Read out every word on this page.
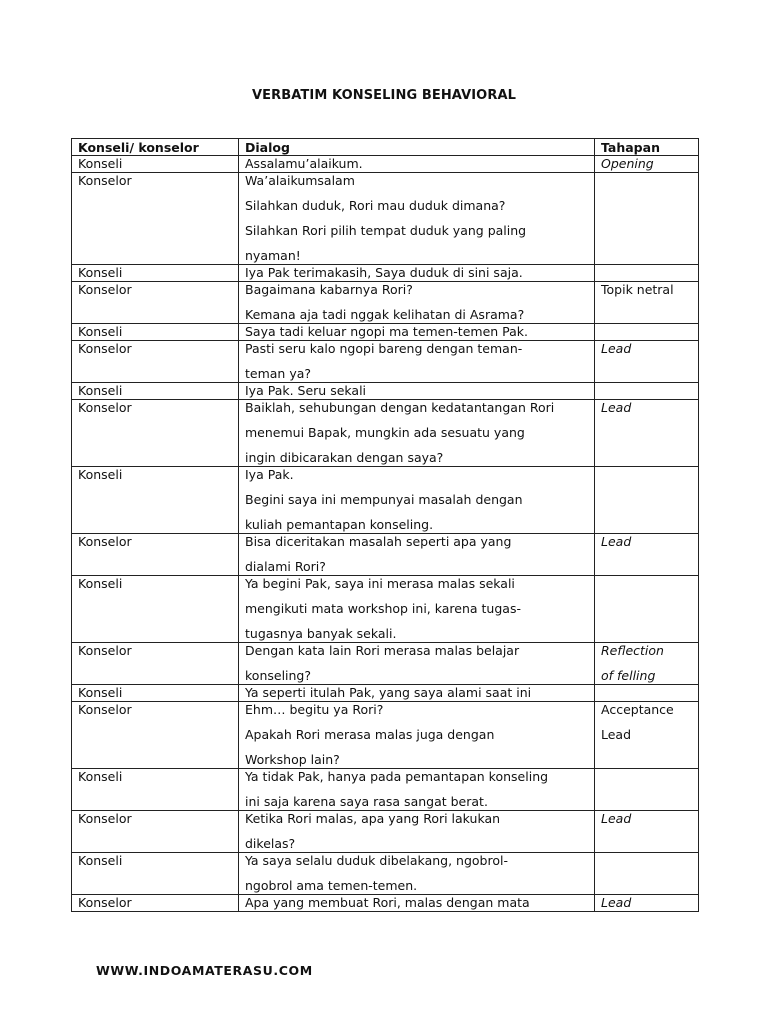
VERBATIM KONSELING BEHAVIORAL
Konseli/ konselor	Dialog	Tahapan
Konseli	Assalamu’alaikum.	Opening

Konselor	Wa’alaikumsalam
Silahkan duduk, Rori mau duduk dimana?
Silahkan Rori pilih tempat duduk yang paling
nyaman!	

Konseli	Iya Pak terimakasih, Saya duduk di sini saja.	

Konselor	Bagaimana kabarnya Rori?
Kemana aja tadi nggak kelihatan di Asrama?	Topik netral

Konseli	Saya tadi keluar ngopi ma temen-temen Pak.	

Konselor	Pasti seru kalo ngopi bareng dengan teman-
teman ya?	Lead

Konseli	Iya Pak. Seru sekali	

Konselor	Baiklah, sehubungan dengan kedatantangan Rori
menemui Bapak, mungkin ada sesuatu yang
ingin dibicarakan dengan saya?	Lead

Konseli	Iya Pak.
Begini saya ini mempunyai masalah dengan
kuliah pemantapan konseling.	

Konselor	Bisa diceritakan masalah seperti apa yang
dialami Rori?	Lead

Konseli	Ya begini Pak, saya ini merasa malas sekali
mengikuti mata workshop ini, karena tugas-
tugasnya banyak sekali.	

Konselor	Dengan kata lain Rori merasa malas belajar
konseling?	Reflection
of felling

Konseli	Ya seperti itulah Pak, yang saya alami saat ini	

Konselor	Ehm… begitu ya Rori?
Apakah Rori merasa malas juga dengan
Workshop lain?	Acceptance
Lead

Konseli	Ya tidak Pak, hanya pada pemantapan konseling
ini saja karena saya rasa sangat berat.	

Konselor	Ketika Rori malas, apa yang Rori lakukan
dikelas?	Lead

Konseli	Ya saya selalu duduk dibelakang, ngobrol-
ngobrol ama temen-temen.	

Konselor	Apa yang membuat Rori, malas dengan mata	Lead
WWW.INDOAMATERASU.COM
